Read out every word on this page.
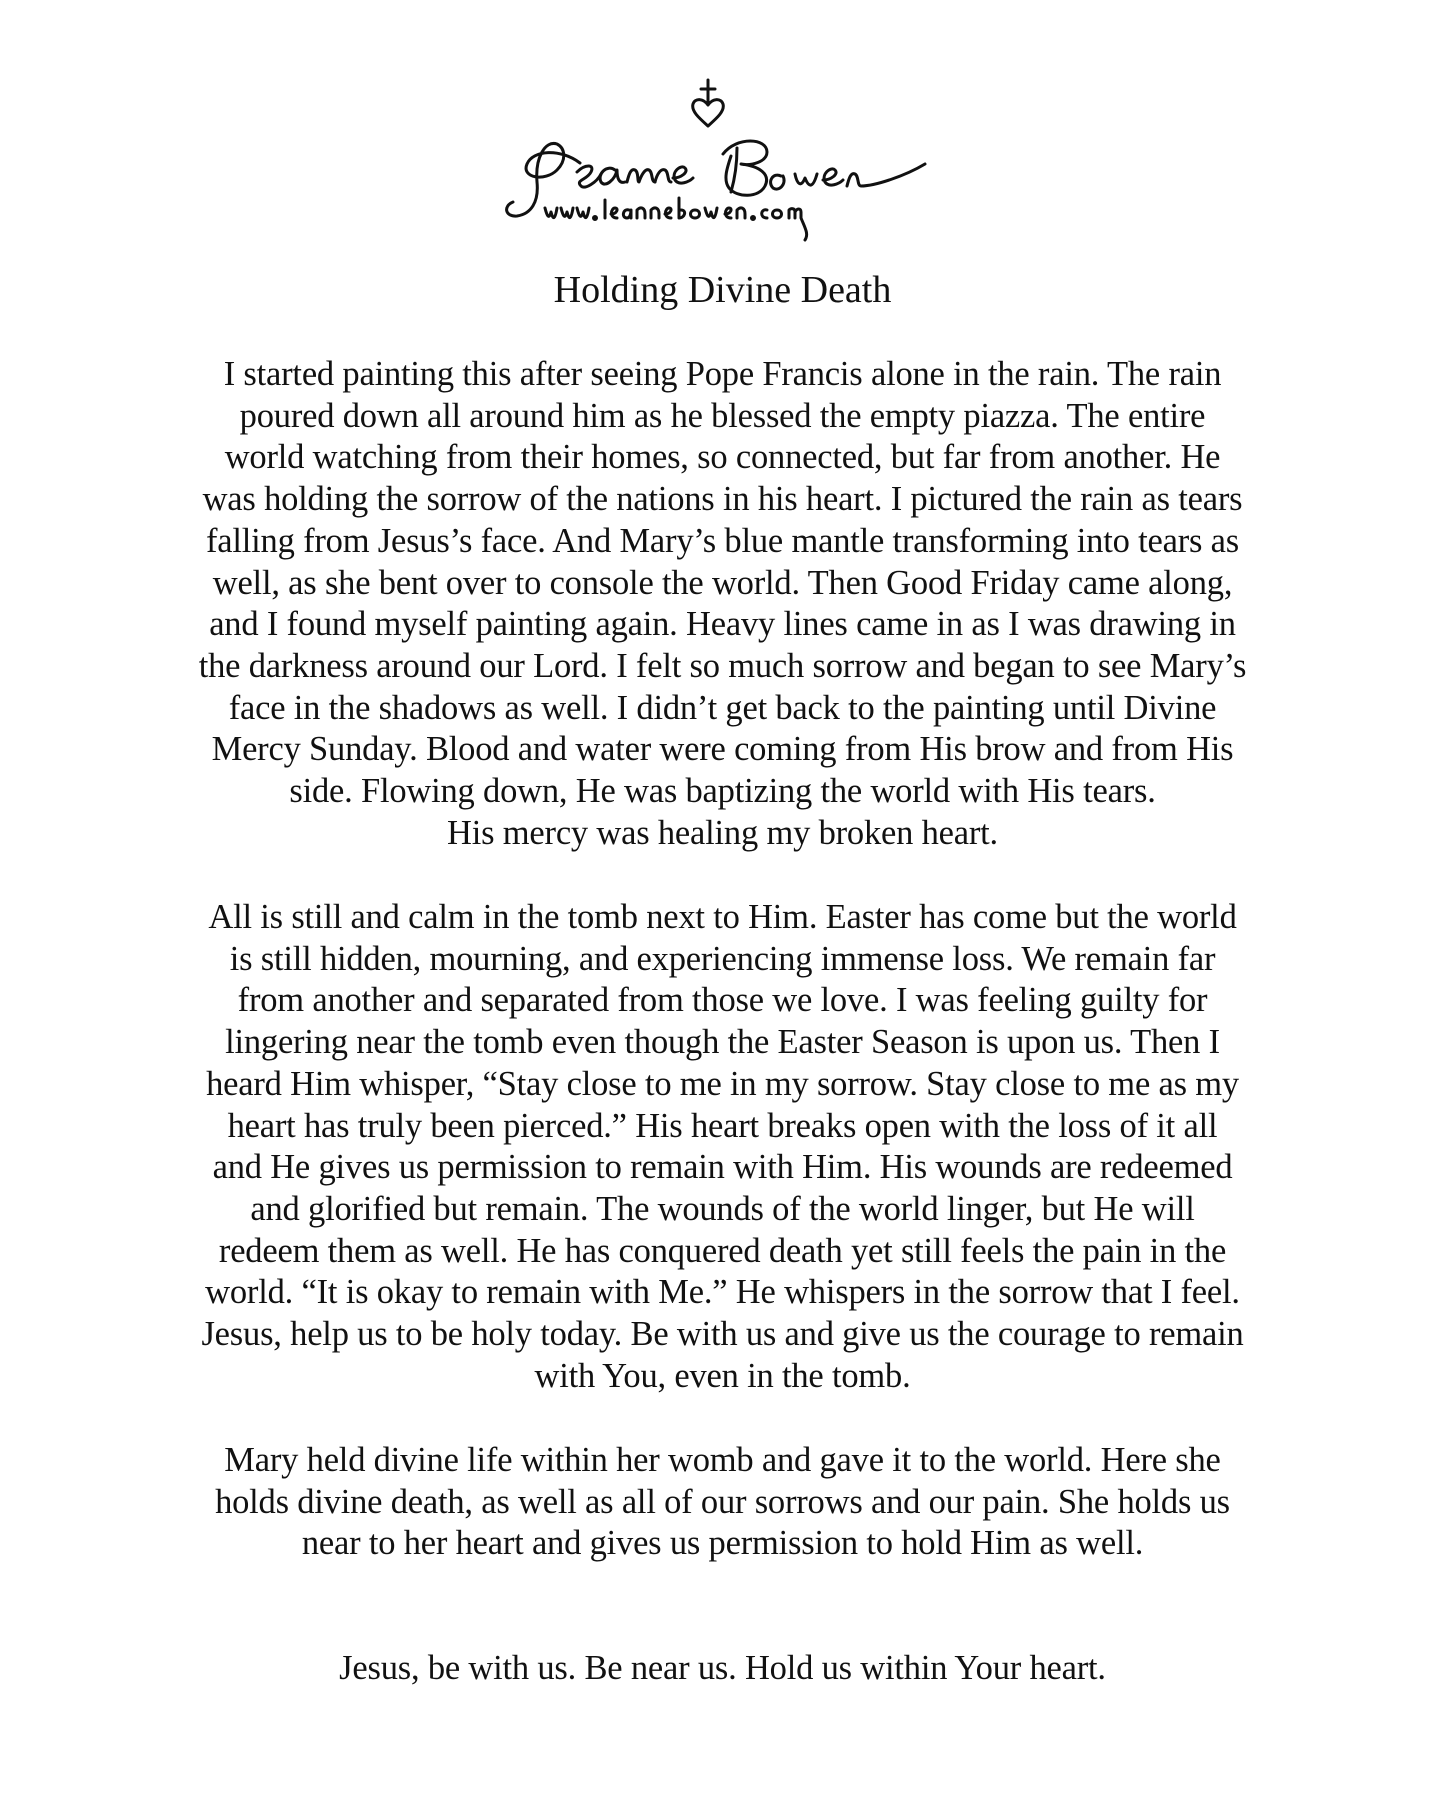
Holding Divine Death
I started painting this after seeing Pope Francis alone in the rain. The rain
poured down all around him as he blessed the empty piazza. The entire
world watching from their homes, so connected, but far from another. He
was holding the sorrow of the nations in his heart. I pictured the rain as tears
falling from Jesus’s face. And Mary’s blue mantle transforming into tears as
well, as she bent over to console the world. Then Good Friday came along,
and I found myself painting again. Heavy lines came in as I was drawing in
the darkness around our Lord. I felt so much sorrow and began to see Mary’s
face in the shadows as well. I didn’t get back to the painting until Divine
Mercy Sunday. Blood and water were coming from His brow and from His
side. Flowing down, He was baptizing the world with His tears.
His mercy was healing my broken heart.
All is still and calm in the tomb next to Him. Easter has come but the world
is still hidden, mourning, and experiencing immense loss. We remain far
from another and separated from those we love. I was feeling guilty for
lingering near the tomb even though the Easter Season is upon us. Then I
heard Him whisper, “Stay close to me in my sorrow. Stay close to me as my
heart has truly been pierced.” His heart breaks open with the loss of it all
and He gives us permission to remain with Him. His wounds are redeemed
and glorified but remain. The wounds of the world linger, but He will
redeem them as well. He has conquered death yet still feels the pain in the
world. “It is okay to remain with Me.” He whispers in the sorrow that I feel.
Jesus, help us to be holy today. Be with us and give us the courage to remain
with You, even in the tomb.
Mary held divine life within her womb and gave it to the world. Here she
holds divine death, as well as all of our sorrows and our pain. She holds us
near to her heart and gives us permission to hold Him as well.
Jesus, be with us. Be near us. Hold us within Your heart.
